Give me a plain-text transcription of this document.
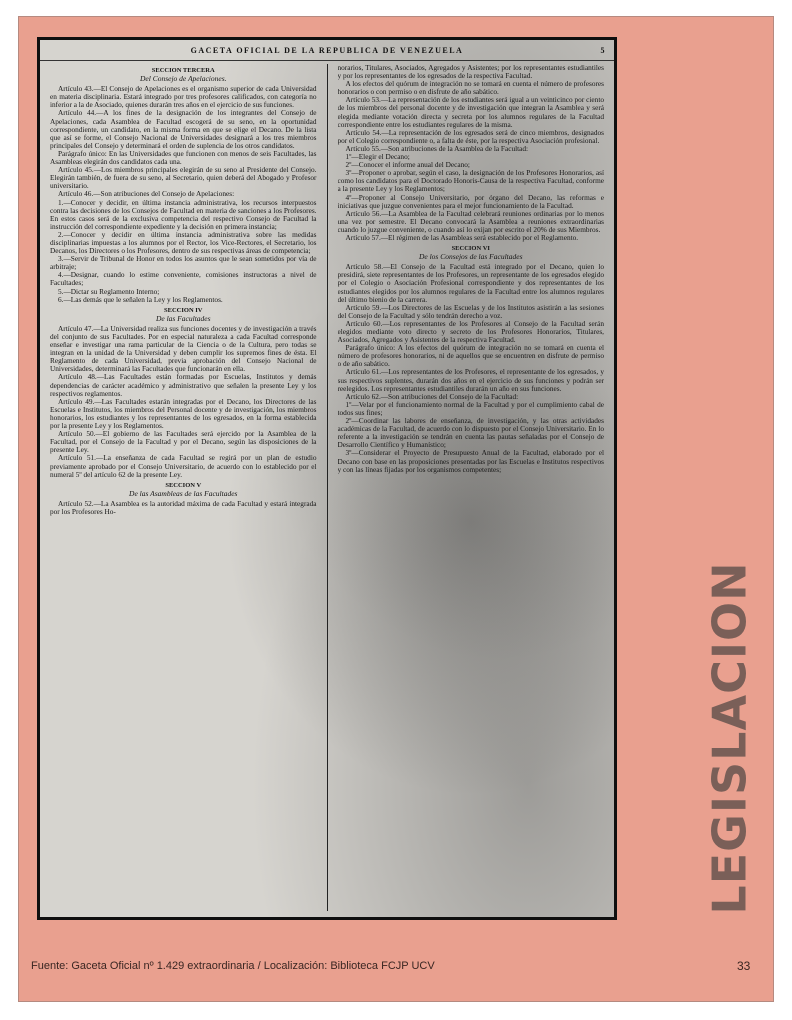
GACETA OFICIAL DE LA REPUBLICA DE VENEZUELA	5

SECCION TERCERA

Del Consejo de Apelaciones.

Artículo 43.—El Consejo de Apelaciones es el organismo superior de cada Universidad en materia disciplinaria. Estará integrado por tres profesores calificados, con categoría no inferior a la de Asociado, quienes durarán tres años en el ejercicio de sus funciones.

Artículo 44.—A los fines de la designación de los integrantes del Consejo de Apelaciones, cada Asamblea de Facultad escogerá de su seno, en la oportunidad correspondiente, un candidato, en la misma forma en que se elige el Decano. De la lista que así se forme, el Consejo Nacional de Universidades designará a los tres miembros principales del Consejo y determinará el orden de suplencia de los otros candidatos.

Parágrafo único: En las Universidades que funcionen con menos de seis Facultades, las Asambleas elegirán dos candidatos cada una.

Artículo 45.—Los miembros principales elegirán de su seno al Presidente del Consejo. Elegirán también, de fuera de su seno, al Secretario, quien deberá del Abogado y Profesor universitario.

Artículo 46.—Son atribuciones del Consejo de Apelaciones:

1.—Conocer y decidir, en última instancia administrativa, los recursos interpuestos contra las decisiones de los Consejos de Facultad en materia de sanciones a los Profesores. En estos casos será de la exclusiva competencia del respectivo Consejo de Facultad la instrucción del correspondiente expediente y la decisión en primera instancia;

2.—Conocer y decidir en última instancia administrativa sobre las medidas disciplinarias impuestas a los alumnos por el Rector, los Vice-Rectores, el Secretario, los Decanos, los Directores o los Profesores, dentro de sus respectivas áreas de competencia;

3.—Servir de Tribunal de Honor en todos los asuntos que le sean sometidos por vía de arbitraje;

4.—Designar, cuando lo estime conveniente, comisiones instructoras a nivel de Facultades;

5.—Dictar su Reglamento Interno;

6.—Las demás que le señalen la Ley y los Reglamentos.

SECCION IV

De las Facultades

Artículo 47.—La Universidad realiza sus funciones docentes y de investigación a través del conjunto de sus Facultades. Por en especial naturaleza a cada Facultad corresponde enseñar e investigar una rama particular de la Ciencia o de la Cultura, pero todas se integran en la unidad de la Universidad y deben cumplir los supremos fines de ésta. El Reglamento de cada Universidad, previa aprobación del Consejo Nacional de Universidades, determinará las Facultades que funcionarán en ella.

Artículo 48.—Las Facultades están formadas por Escuelas, Institutos y demás dependencias de carácter académico y administrativo que señalen la presente Ley y los respectivos reglamentos.

Artículo 49.—Las Facultades estarán integradas por el Decano, los Directores de las Escuelas e Institutos, los miembros del Personal docente y de investigación, los miembros honorarios, los estudiantes y los representantes de los egresados, en la forma establecida por la presente Ley y los Reglamentos.

Artículo 50.—El gobierno de las Facultades será ejercido por la Asamblea de la Facultad, por el Consejo de la Facultad y por el Decano, según las disposiciones de la presente Ley.

Artículo 51.—La enseñanza de cada Facultad se regirá por un plan de estudio previamente aprobado por el Consejo Universitario, de acuerdo con lo establecido por el numeral 5º del artículo 62 de la presente Ley.

SECCION V

De las Asambleas de las Facultades

Artículo 52.—La Asamblea es la autoridad máxima de cada Facultad y estará integrada por los Profesores Ho-

norarios, Titulares, Asociados, Agregados y Asistentes; por los representantes estudiantiles y por los representantes de los egresados de la respectiva Facultad.

A los efectos del quórum de integración no se tomará en cuenta el número de profesores honorarios o con permiso o en disfrute de año sabático.

Artículo 53.—La representación de los estudiantes será igual a un veinticinco por ciento de los miembros del personal docente y de investigación que integran la Asamblea y será elegida mediante votación directa y secreta por los alumnos regulares de la Facultad correspondiente entre los estudiantes regulares de la misma.

Artículo 54.—La representación de los egresados será de cinco miembros, designados por el Colegio correspondiente o, a falta de éste, por la respectiva Asociación profesional.

Artículo 55.—Son atribuciones de la Asamblea de la Facultad:

1º—Elegir el Decano;

2º—Conocer el informe anual del Decano;

3º—Proponer o aprobar, según el caso, la designación de los Profesores Honorarios, así como los candidatos para el Doctorado Honoris-Causa de la respectiva Facultad, conforme a la presente Ley y los Reglamentos;

4º—Proponer al Consejo Universitario, por órgano del Decano, las reformas e iniciativas que juzgue convenientes para el mejor funcionamiento de la Facultad.

Artículo 56.—La Asamblea de la Facultad celebrará reuniones ordinarias por lo menos una vez por semestre. El Decano convocará la Asamblea a reuniones extraordinarias cuando lo juzgue conveniente, o cuando así lo exijan por escrito el 20% de sus Miembros.

Artículo 57.—El régimen de las Asambleas será establecido por el Reglamento.

SECCION VI

De los Consejos de las Facultades

Artículo 58.—El Consejo de la Facultad está integrado por el Decano, quien lo presidirá, siete representantes de los Profesores, un representante de los egresados elegido por el Colegio o Asociación Profesional correspondiente y dos representantes de los estudiantes elegidos por los alumnos regulares de la Facultad entre los alumnos regulares del último bienio de la carrera.

Artículo 59.—Los Directores de las Escuelas y de los Institutos asistirán a las sesiones del Consejo de la Facultad y sólo tendrán derecho a voz.

Artículo 60.—Los representantes de los Profesores al Consejo de la Facultad serán elegidos mediante voto directo y secreto de los Profesores Honorarios, Titulares, Asociados, Agregados y Asistentes de la respectiva Facultad.

Parágrafo único: A los efectos del quórum de integración no se tomará en cuenta el número de profesores honorarios, ni de aquellos que se encuentren en disfrute de permiso o de año sabático.

Artículo 61.—Los representantes de los Profesores, el representante de los egresados, y sus respectivos suplentes, durarán dos años en el ejercicio de sus funciones y podrán ser reelegidos. Los representantes estudiantiles durarán un año en sus funciones.

Artículo 62.—Son atribuciones del Consejo de la Facultad:

1º—Velar por el funcionamiento normal de la Facultad y por el cumplimiento cabal de todos sus fines;

2º—Coordinar las labores de enseñanza, de investigación, y las otras actividades académicas de la Facultad, de acuerdo con lo dispuesto por el Consejo Universitario. En lo referente a la investigación se tendrán en cuenta las pautas señaladas por el Consejo de Desarrollo Científico y Humanístico;

3º—Considerar el Proyecto de Presupuesto Anual de la Facultad, elaborado por el Decano con base en las proposiciones presentadas por las Escuelas e Institutos respectivos y con las líneas fijadas por los organismos competentes;

LEGISLACION
Fuente: Gaceta Oficial nº 1.429 extraordinaria / Localización: Biblioteca FCJP UCV	33
